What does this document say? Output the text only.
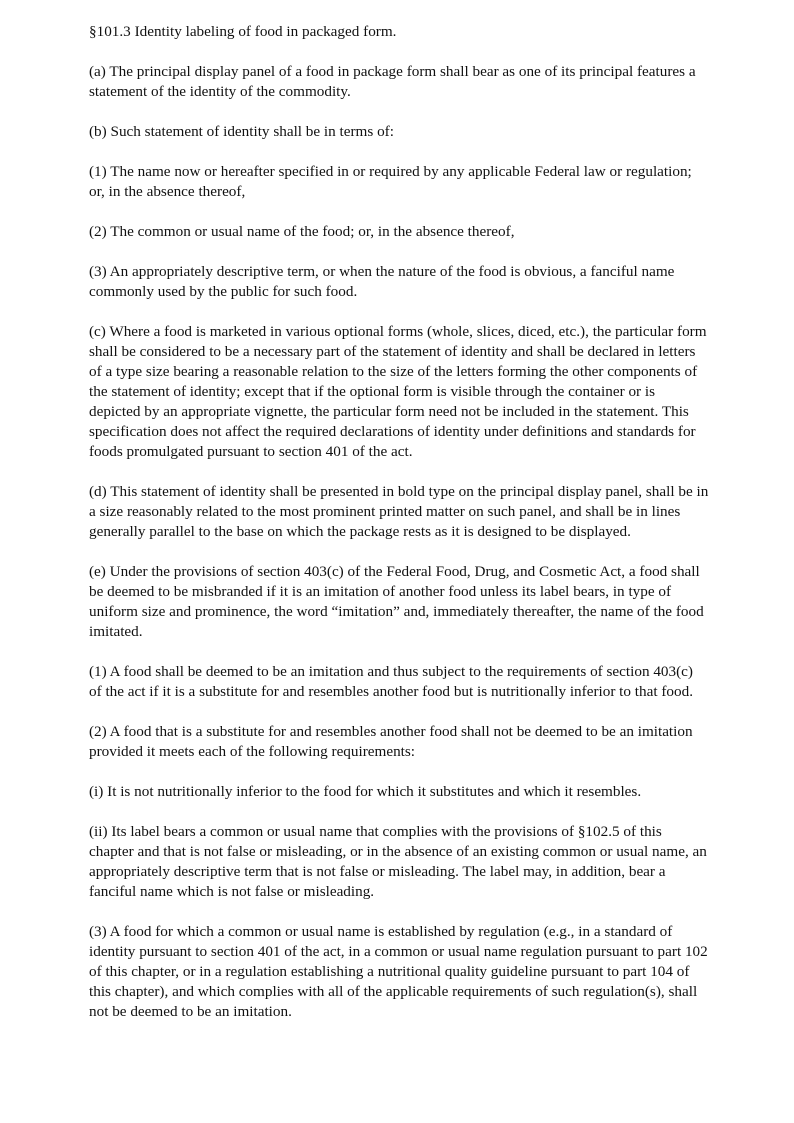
§101.3 Identity labeling of food in packaged form.

(a) The principal display panel of a food in package form shall bear as one of its principal features a statement of the identity of the commodity.

(b) Such statement of identity shall be in terms of:

(1) The name now or hereafter specified in or required by any applicable Federal law or regulation; or, in the absence thereof,

(2) The common or usual name of the food; or, in the absence thereof,

(3) An appropriately descriptive term, or when the nature of the food is obvious, a fanciful name commonly used by the public for such food.

(c) Where a food is marketed in various optional forms (whole, slices, diced, etc.), the particular form shall be considered to be a necessary part of the statement of identity and shall be declared in letters of a type size bearing a reasonable relation to the size of the letters forming the other components of the statement of identity; except that if the optional form is visible through the container or is depicted by an appropriate vignette, the particular form need not be included in the statement. This specification does not affect the required declarations of identity under definitions and standards for foods promulgated pursuant to section 401 of the act.

(d) This statement of identity shall be presented in bold type on the principal display panel, shall be in a size reasonably related to the most prominent printed matter on such panel, and shall be in lines generally parallel to the base on which the package rests as it is designed to be displayed.

(e) Under the provisions of section 403(c) of the Federal Food, Drug, and Cosmetic Act, a food shall be deemed to be misbranded if it is an imitation of another food unless its label bears, in type of uniform size and prominence, the word “imitation” and, immediately thereafter, the name of the food imitated.

(1) A food shall be deemed to be an imitation and thus subject to the requirements of section 403(c) of the act if it is a substitute for and resembles another food but is nutritionally inferior to that food.

(2) A food that is a substitute for and resembles another food shall not be deemed to be an imitation provided it meets each of the following requirements:

(i) It is not nutritionally inferior to the food for which it substitutes and which it resembles.

(ii) Its label bears a common or usual name that complies with the provisions of §102.5 of this chapter and that is not false or misleading, or in the absence of an existing common or usual name, an appropriately descriptive term that is not false or misleading. The label may, in addition, bear a fanciful name which is not false or misleading.

(3) A food for which a common or usual name is established by regulation (e.g., in a standard of identity pursuant to section 401 of the act, in a common or usual name regulation pursuant to part 102 of this chapter, or in a regulation establishing a nutritional quality guideline pursuant to part 104 of this chapter), and which complies with all of the applicable requirements of such regulation(s), shall not be deemed to be an imitation.
